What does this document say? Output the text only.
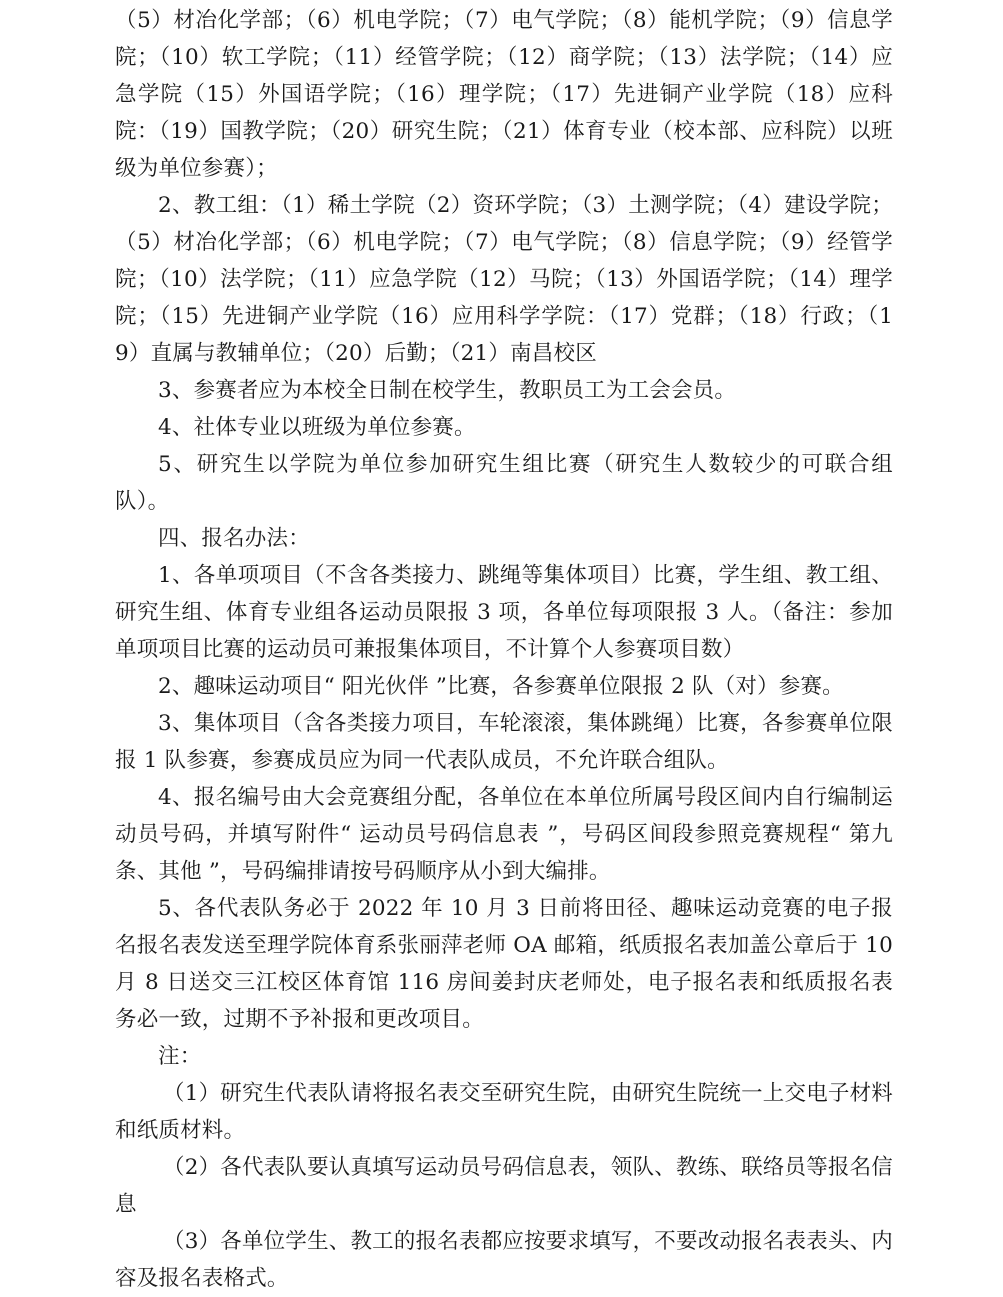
（5）材冶化学部；（6）机电学院；（7）电气学院；（8）能机学院；（9）信息学院；（10）软工学院；（11）经管学院；（12）商学院；（13）法学院；（14）应急学院（15）外国语学院；（16）理学院；（17）先进铜产业学院（18）应科院：（19）国教学院；（20）研究生院；（21）体育专业（校本部、应科院）以班级为单位参赛）；

2、教工组：（1）稀土学院（2）资环学院；（3）土测学院；（4）建设学院；（5）材冶化学部；（6）机电学院；（7）电气学院；（8）信息学院；（9）经管学院；（10）法学院；（11）应急学院（12）马院；（13）外国语学院；（14）理学院；（15）先进铜产业学院（16）应用科学学院：（17）党群；（18）行政；（19）直属与教辅单位；（20）后勤；（21）南昌校区

3、参赛者应为本校全日制在校学生，教职员工为工会会员。

4、社体专业以班级为单位参赛。

5、研究生以学院为单位参加研究生组比赛（研究生人数较少的可联合组队）。

四、报名办法：

1、各单项项目（不含各类接力、跳绳等集体项目）比赛，学生组、教工组、研究生组、体育专业组各运动员限报 3 项，各单位每项限报 3 人。（备注：参加单项项目比赛的运动员可兼报集体项目，不计算个人参赛项目数）

2、趣味运动项目“ 阳光伙伴 ”比赛，各参赛单位限报 2 队（对）参赛。

3、集体项目（含各类接力项目，车轮滚滚，集体跳绳）比赛，各参赛单位限报 1 队参赛，参赛成员应为同一代表队成员，不允许联合组队。

4、报名编号由大会竞赛组分配，各单位在本单位所属号段区间内自行编制运动员号码，并填写附件“ 运动员号码信息表 ”，号码区间段参照竞赛规程“ 第九条、其他 ”，号码编排请按号码顺序从小到大编排。

5、各代表队务必于 2022 年 10 月 3 日前将田径、趣味运动竞赛的电子报名报名表发送至理学院体育系张丽萍老师 OA 邮箱，纸质报名表加盖公章后于 10 月 8 日送交三江校区体育馆 116 房间姜封庆老师处，电子报名表和纸质报名表务必一致，过期不予补报和更改项目。

注：

（1）研究生代表队请将报名表交至研究生院，由研究生院统一上交电子材料和纸质材料。

（2）各代表队要认真填写运动员号码信息表，领队、教练、联络员等报名信息

（3）各单位学生、教工的报名表都应按要求填写，不要改动报名表表头、内容及报名表格式。
